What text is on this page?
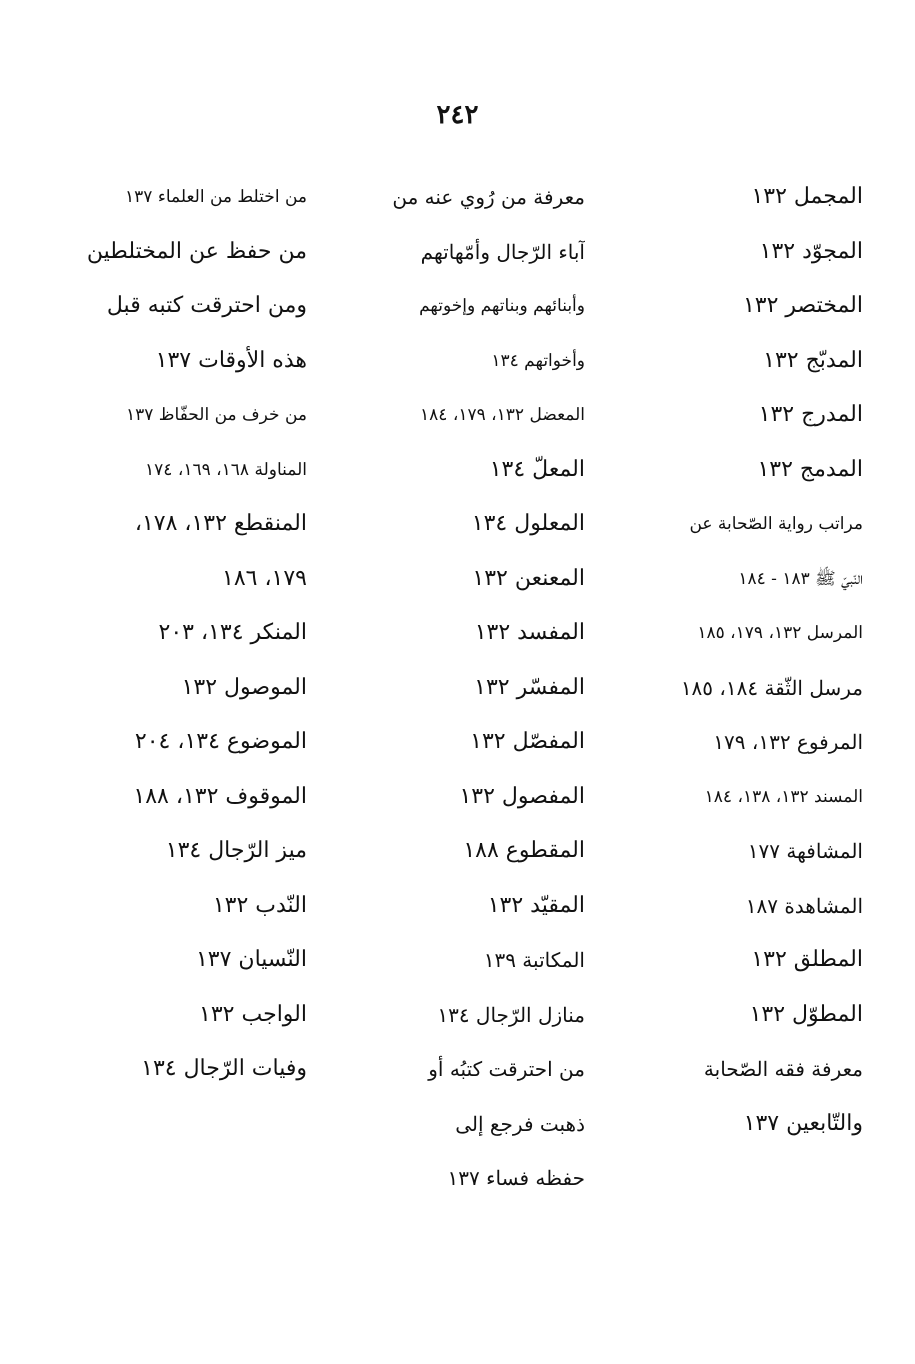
٢٤٢
المجمل ١٣٢
المجوّد ١٣٢
المختصر ١٣٢
المدبّج ١٣٢
المدرج ١٣٢
المدمج ١٣٢
مراتب رواية الصّحابة عن
النّبيّ ﷺ ١٨٣ - ١٨٤
المرسل ١٣٢، ١٧٩، ١٨٥
مرسل الثّقة ١٨٤، ١٨٥
المرفوع ١٣٢، ١٧٩
المسند ١٣٢، ١٣٨، ١٨٤
المشافهة ١٧٧
المشاهدة ١٨٧
المطلق ١٣٢
المطوّل ١٣٢
معرفة فقه الصّحابة
والتّابعين ١٣٧
معرفة من رُوي عنه من
آباء الرّجال وأمّهاتهم
وأبنائهم وبناتهم وإخوتهم
وأخواتهم ١٣٤
المعضل ١٣٢، ١٧٩، ١٨٤
المعلّ ١٣٤
المعلول ١٣٤
المعنعن ١٣٢
المفسد ١٣٢
المفسّر ١٣٢
المفصّل ١٣٢
المفصول ١٣٢
المقطوع ١٨٨
المقيّد ١٣٢
المكاتبة ١٣٩
منازل الرّجال ١٣٤
من احترقت كتبُه أو
ذهبت فرجع إلى
حفظه فساء ١٣٧
من اختلط من العلماء ١٣٧
من حفظ عن المختلطين
ومن احترقت كتبه قبل
هذه الأوقات ١٣٧
من خرف من الحفّاظ ١٣٧
المناولة ١٦٨، ١٦٩، ١٧٤
المنقطع ١٣٢، ١٧٨،
١٧٩، ١٨٦
المنكر ١٣٤، ٢٠٣
الموصول ١٣٢
الموضوع ١٣٤، ٢٠٤
الموقوف ١٣٢، ١٨٨
ميز الرّجال ١٣٤
النّدب ١٣٢
النّسيان ١٣٧
الواجب ١٣٢
وفيات الرّجال ١٣٤
